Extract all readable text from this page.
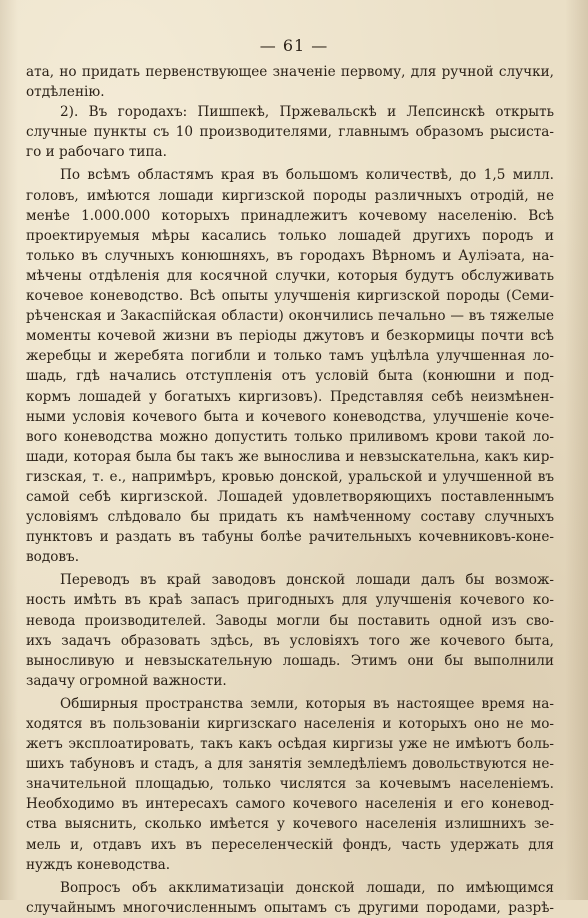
— 61 —
ата, но придать первенствующее значеніе первому, для ручной случки,
отдѣленію.
2). Въ городахъ: Пишпекѣ, Пржевальскѣ и Лепсинскѣ открыть
случные пункты съ 10 производителями, главнымъ образомъ рысиста-
го и рабочаго типа.
По всѣмъ областямъ края въ большомъ количествѣ, до 1,5 милл.
головъ, имѣются лошади киргизской породы различныхъ отродій, не
менѣе 1.000.000 которыхъ принадлежитъ кочевому населенію. Всѣ
проектируемыя мѣры касались только лошадей другихъ породъ и
только въ случныхъ конюшняхъ, въ городахъ Вѣрномъ и Ауліэата, на-
мѣчены отдѣленія для косячной случки, которыя будутъ обслуживать
кочевое коневодство. Всѣ опыты улучшенія киргизской породы (Семи-
рѣченская и Закаспійская области) окончились печально — въ тяжелые
моменты кочевой жизни въ періоды джутовъ и безкормицы почти всѣ
жеребцы и жеребята погибли и только тамъ уцѣлѣла улучшенная ло-
шадь, гдѣ начались отступленія отъ условій быта (конюшни и под-
кормъ лошадей у богатыхъ киргизовъ). Представляя себѣ неизмѣнен-
ными условія кочевого быта и кочевого коневодства, улучшеніе коче-
вого коневодства можно допустить только приливомъ крови такой ло-
шади, которая была бы такъ же вынослива и невзыскательна, какъ кир-
гизская, т. е., напримѣръ, кровью донской, уральской и улучшенной въ
самой себѣ киргизской. Лошадей удовлетворяющихъ поставленнымъ
условіямъ слѣдовало бы придать къ намѣченному составу случныхъ
пунктовъ и раздать въ табуны болѣе рачительныхъ кочевниковъ-коне-
водовъ.
Переводъ въ край заводовъ донской лошади далъ бы возмож-
ность имѣть въ краѣ запасъ пригодныхъ для улучшенія кочевого ко-
невода производителей. Заводы могли бы поставить одной изъ сво-
ихъ задачъ образовать здѣсь, въ условіяхъ того же кочевого быта,
выносливую и невзыскательную лошадь. Этимъ они бы выполнили
задачу огромной важности.
Обширныя пространства земли, которыя въ настоящее время на-
ходятся въ пользованіи киргизскаго населенія и которыхъ оно не мо-
жетъ эксплоатировать, такъ какъ осѣдая киргизы уже не имѣютъ боль-
шихъ табуновъ и стадъ, а для занятія земледѣліемъ довольствуются не-
значительной площадью, только числятся за кочевымъ населеніемъ.
Необходимо въ интересахъ самого кочевого населенія и его коневод-
ства выяснить, сколько имѣется у кочевого населенія излишнихъ зе-
мель и, отдавъ ихъ въ переселенческій фондъ, часть удержать для
нуждъ коневодства.
Вопросъ объ акклиматизаціи донской лошади, по имѣющимся
случайнымъ многочисленнымъ опытамъ съ другими породами, разрѣ-
